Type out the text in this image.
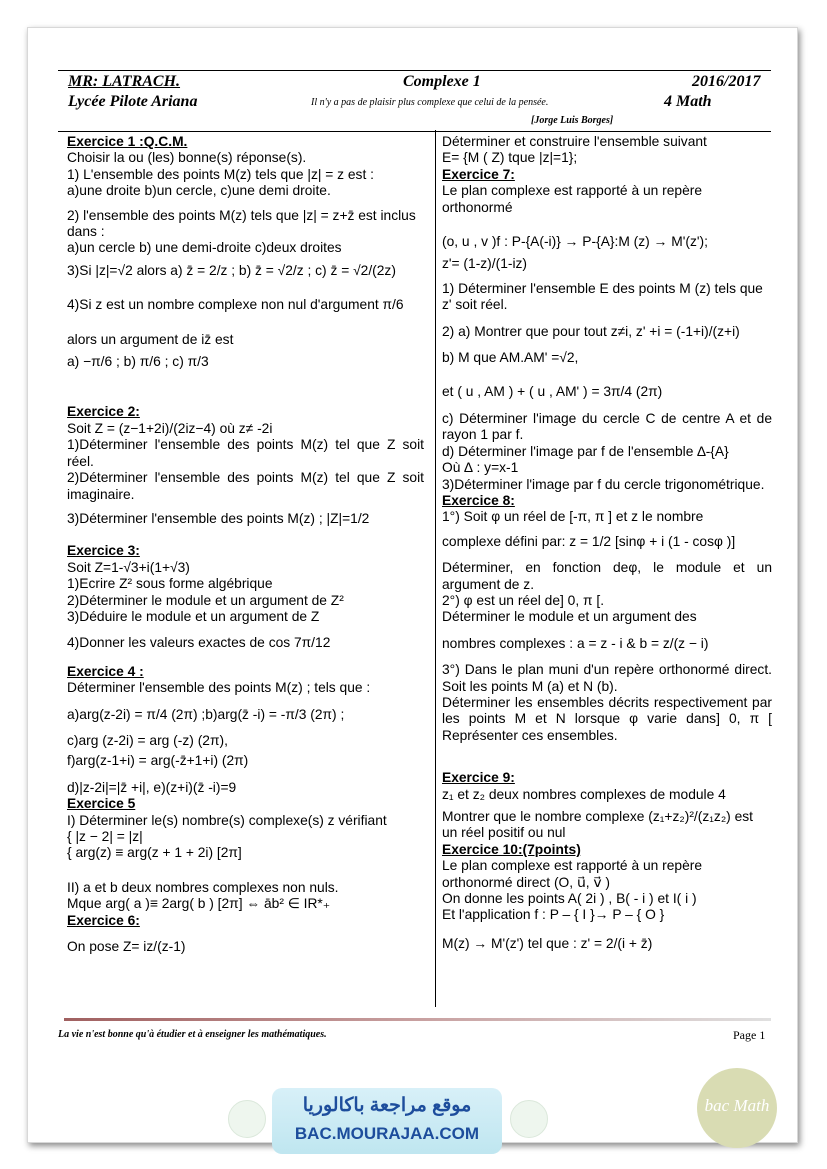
MR: LATRACH.
Lycée Pilote Ariana
Complexe 1	2016/2017
4 Math
Il n'y a pas de plaisir plus complexe que celui de la pensée.
[Jorge Luis Borges]

Exercice 1 :Q.C.M.

Choisir la ou (les) bonne(s) réponse(s).

1) L'ensemble des points M(z) tels que |z| = z est :

a)une droite b)un cercle, c)une demi droite.

2) l'ensemble des points M(z) tels que |z| = z+z̄ est inclus dans :

a)un cercle b) une demi-droite c)deux droites

3)Si |z|=√2 alors a) z̄ = 2/z ; b) z̄ = √2/z ; c) z̄ = √2/(2z)

4)Si z est un nombre complexe non nul d'argument π/6

alors un argument de iz̄ est

a) −π/6 ; b) π/6 ; c) π/3

Exercice 2:

Soit Z = (z−1+2i)/(2iz−4) où z≠ -2i

1)Déterminer l'ensemble des points M(z) tel que Z soit réel.

2)Déterminer l'ensemble des points M(z) tel que Z soit imaginaire.

3)Déterminer l'ensemble des points M(z) ; |Z|=1/2

Exercice 3:

Soit Z=1-√3+i(1+√3)

1)Ecrire Z² sous forme algébrique

2)Déterminer le module et un argument de Z²

3)Déduire le module et un argument de Z

4)Donner les valeurs exactes de cos 7π/12

Exercice 4 :

Déterminer l'ensemble des points M(z) ; tels que :

a)arg(z-2i) = π/4 (2π) ;b)arg(z̄ -i) = -π/3 (2π) ;

c)arg (z-2i) = arg (-z) (2π),

f)arg(z-1+i) = arg(-z̄+1+i) (2π)

d)|z-2i|=|z̄ +i|, e)(z+i)(z̄ -i)=9

Exercice 5

I) Déterminer le(s) nombre(s) complexe(s) z vérifiant

{ |z − 2| = |z|

{ arg(z) ≡ arg(z + 1 + 2i) [2π]

II) a et b deux nombres complexes non nuls.

Mque arg( a )≡ 2arg( b ) [2π] ⇔ āb² ∈ IR*₊

Exercice 6:

On pose Z= iz/(z-1)

Déterminer et construire l'ensemble suivant

E= {M ( Z) tque |z|=1};

Exercice 7:

Le plan complexe est rapporté à un repère orthonormé

(o, u , v )f : P-{A(-i)} → P-{A}:M (z) → M'(z');

z'= (1-z)/(1-iz)

1) Déterminer l'ensemble E des points M (z) tels que z' soit réel.

2) a) Montrer que pour tout z≠i, z' +i = (-1+i)/(z+i)

b) M que AM.AM' =√2,

et ( u , AM ) + ( u , AM' ) = 3π/4 (2π)

c) Déterminer l'image du cercle C de centre A et de rayon 1 par f.

d) Déterminer l'image par f de l'ensemble ∆-{A}

Où ∆ : y=x-1

3)Déterminer l'image par f du cercle trigonométrique.

Exercice 8:

1°) Soit φ un réel de [-π, π ] et z le nombre

complexe défini par: z = 1/2 [sinφ + i (1 - cosφ )]

Déterminer, en fonction deφ, le module et un argument de z.

2°) φ est un réel de] 0, π [.

Déterminer le module et un argument des

nombres complexes : a = z - i & b = z/(z − i)

3°) Dans le plan muni d'un repère orthonormé direct. Soit les points M (a) et N (b).

Déterminer les ensembles décrits respectivement par les points M et N lorsque φ varie dans] 0, π [ Représenter ces ensembles.

Exercice 9:

z₁ et z₂ deux nombres complexes de module 4

Montrer que le nombre complexe (z₁+z₂)²/(z₁z₂) est un réel positif ou nul

Exercice 10:(7points)

Le plan complexe est rapporté à un repère orthonormé direct (O, u⃗, v⃗ )

On donne les points A( 2i ) , B( - i ) et I( i )

Et l'application f : P – { I }→ P – { O }

M(z) → M'(z') tel que : z' = 2/(i + z̄)

La vie n'est bonne qu'à étudier et à enseigner les mathématiques.	Page 1
موقع مراجعة باكالوريا
BAC.MOURAJAA.COM
bac Math
